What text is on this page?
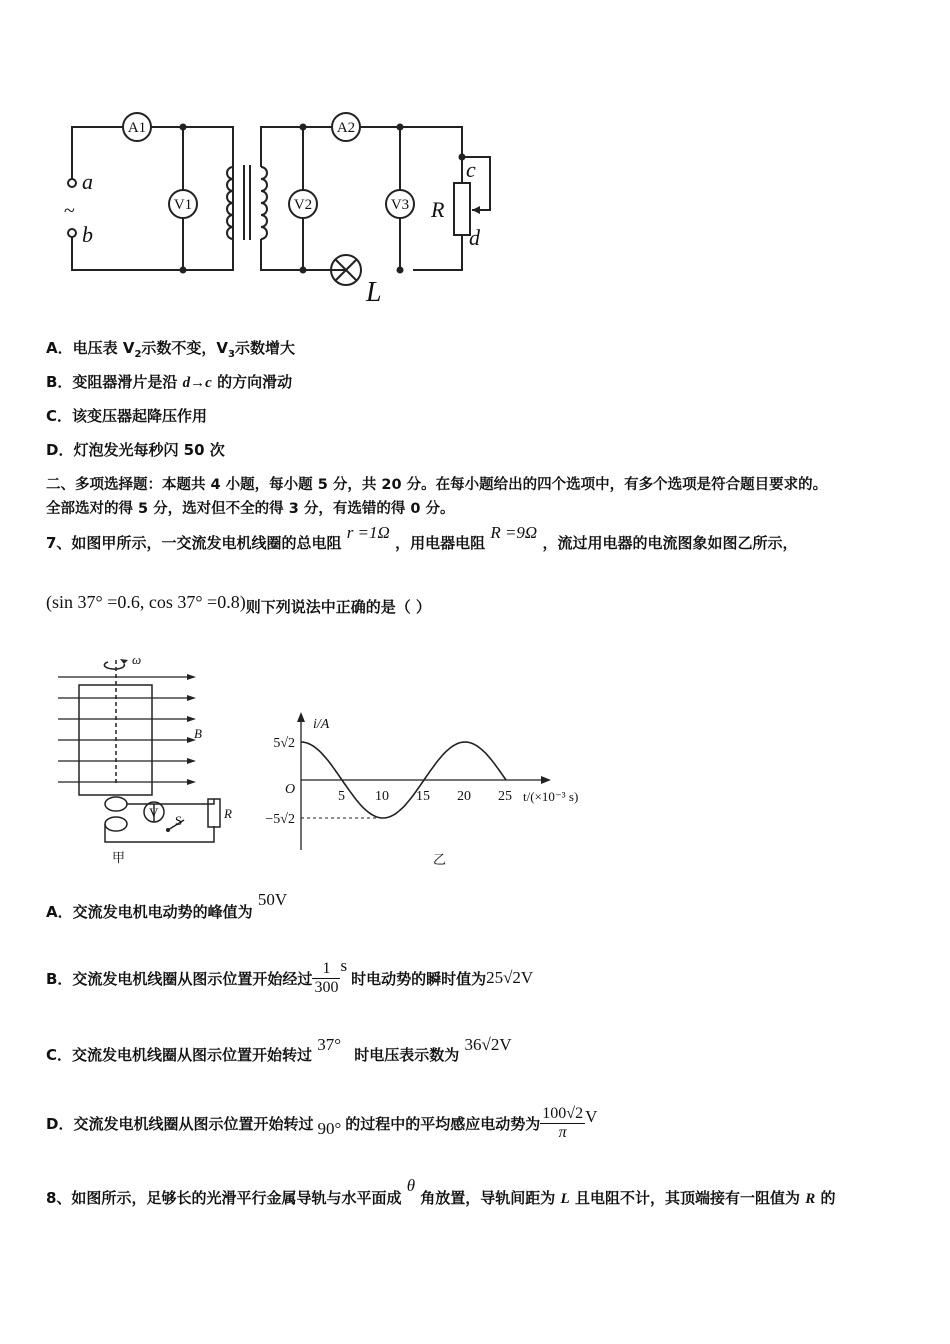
A1	A2
V1	V2	V3
a
~
b
c
d
R
L
A．电压表 $V_2$示数不变，$V_3$示数增大
B．变阻器滑片是沿 d→c 的方向滑动
C．该变压器起降压作用
D．灯泡发光每秒闪 50 次
二、多项选择题：本题共 4 小题，每小题 5 分，共 20 分。在每小题给出的四个选项中，有多个选项是符合题目要求的。
全部选对的得 5 分，选对但不全的得 3 分，有选错的得 0 分。
7、如图甲所示，一交流发电机线圈的总电阻 r =1Ω ，用电器电阻 R =9Ω ，流过用电器的电流图象如图乙所示，
(sin 37° =0.6, cos 37° =0.8)则下列说法中正确的是（ ）
ω
B
R
V
S
甲
5 10 15 20 25
5√2
−5√2
i/A
t/(×10⁻³ s)
O
乙
A．交流发电机电动势的峰值为 50V
B．交流发电机线圈从图示位置开始经过 $\frac{1}{300}$ s
时电动势的瞬时值为 25√2V
C．交流发电机线圈从图示位置开始转过 37° 时电压表示数为 36√2V
D．交流发电机线圈从图示位置开始转过 90° 的过程中的平均感应电动势为 $\frac{100√2}{\pi}$ V
8、如图所示，足够长的光滑平行金属导轨与水平面成 θ 角放置，导轨间距为 L 且电阻不计，其顶端接有一阻值为 R 的
